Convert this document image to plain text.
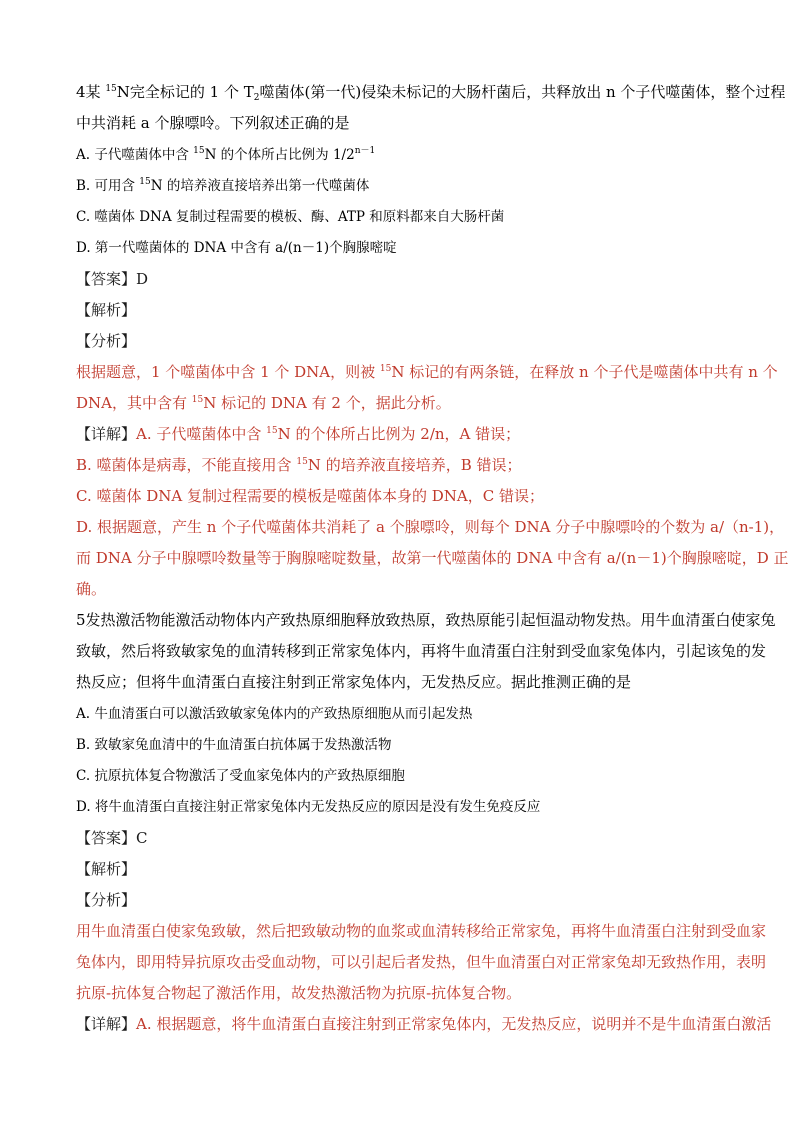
4某 $^{15}$N完全标记的 1 个 $T_2$噬菌体(第一代)侵染未标记的大肠杆菌后，共释放出 n 个子代噬菌体，整个过程
中共消耗 a 个腺嘌呤。下列叙述正确的是
A. 子代噬菌体中含 $^{15}$N 的个体所占比例为 $1/2^{n-1}$
B. 可用含 $^{15}$N 的培养液直接培养出第一代噬菌体
C. 噬菌体 DNA 复制过程需要的模板、酶、ATP 和原料都来自大肠杆菌
D. 第一代噬菌体的 DNA 中含有 a/(n－1)个胸腺嘧啶
【答案】D
【解析】
【分析】
根据题意，1 个噬菌体中含 1 个 DNA，则被 $^{15}$N 标记的有两条链，在释放 n 个子代是噬菌体中共有 n 个
DNA，其中含有 $^{15}$N 标记的 DNA 有 2 个，据此分析。
【详解】A. 子代噬菌体中含 $^{15}$N 的个体所占比例为 2/n，A 错误；
B. 噬菌体是病毒，不能直接用含 $^{15}$N 的培养液直接培养，B 错误；
C. 噬菌体 DNA 复制过程需要的模板是噬菌体本身的 DNA，C 错误；
D. 根据题意，产生 n 个子代噬菌体共消耗了 a 个腺嘌呤，则每个 DNA 分子中腺嘌呤的个数为 a/（n-1)，
而 DNA 分子中腺嘌呤数量等于胸腺嘧啶数量，故第一代噬菌体的 DNA 中含有 a/(n－1)个胸腺嘧啶，D 正
确。
5发热激活物能激活动物体内产致热原细胞释放致热原，致热原能引起恒温动物发热。用牛血清蛋白使家兔
致敏，然后将致敏家兔的血清转移到正常家兔体内，再将牛血清蛋白注射到受血家兔体内，引起该兔的发
热反应；但将牛血清蛋白直接注射到正常家兔体内，无发热反应。据此推测正确的是
A. 牛血清蛋白可以激活致敏家兔体内的产致热原细胞从而引起发热
B. 致敏家兔血清中的牛血清蛋白抗体属于发热激活物
C. 抗原抗体复合物激活了受血家兔体内的产致热原细胞
D. 将牛血清蛋白直接注射正常家兔体内无发热反应的原因是没有发生免疫反应
【答案】C
【解析】
【分析】
用牛血清蛋白使家兔致敏，然后把致敏动物的血浆或血清转移给正常家兔，再将牛血清蛋白注射到受血家
兔体内，即用特异抗原攻击受血动物，可以引起后者发热，但牛血清蛋白对正常家兔却无致热作用，表明
抗原-抗体复合物起了激活作用，故发热激活物为抗原-抗体复合物。
【详解】A. 根据题意，将牛血清蛋白直接注射到正常家兔体内，无发热反应，说明并不是牛血清蛋白激活
